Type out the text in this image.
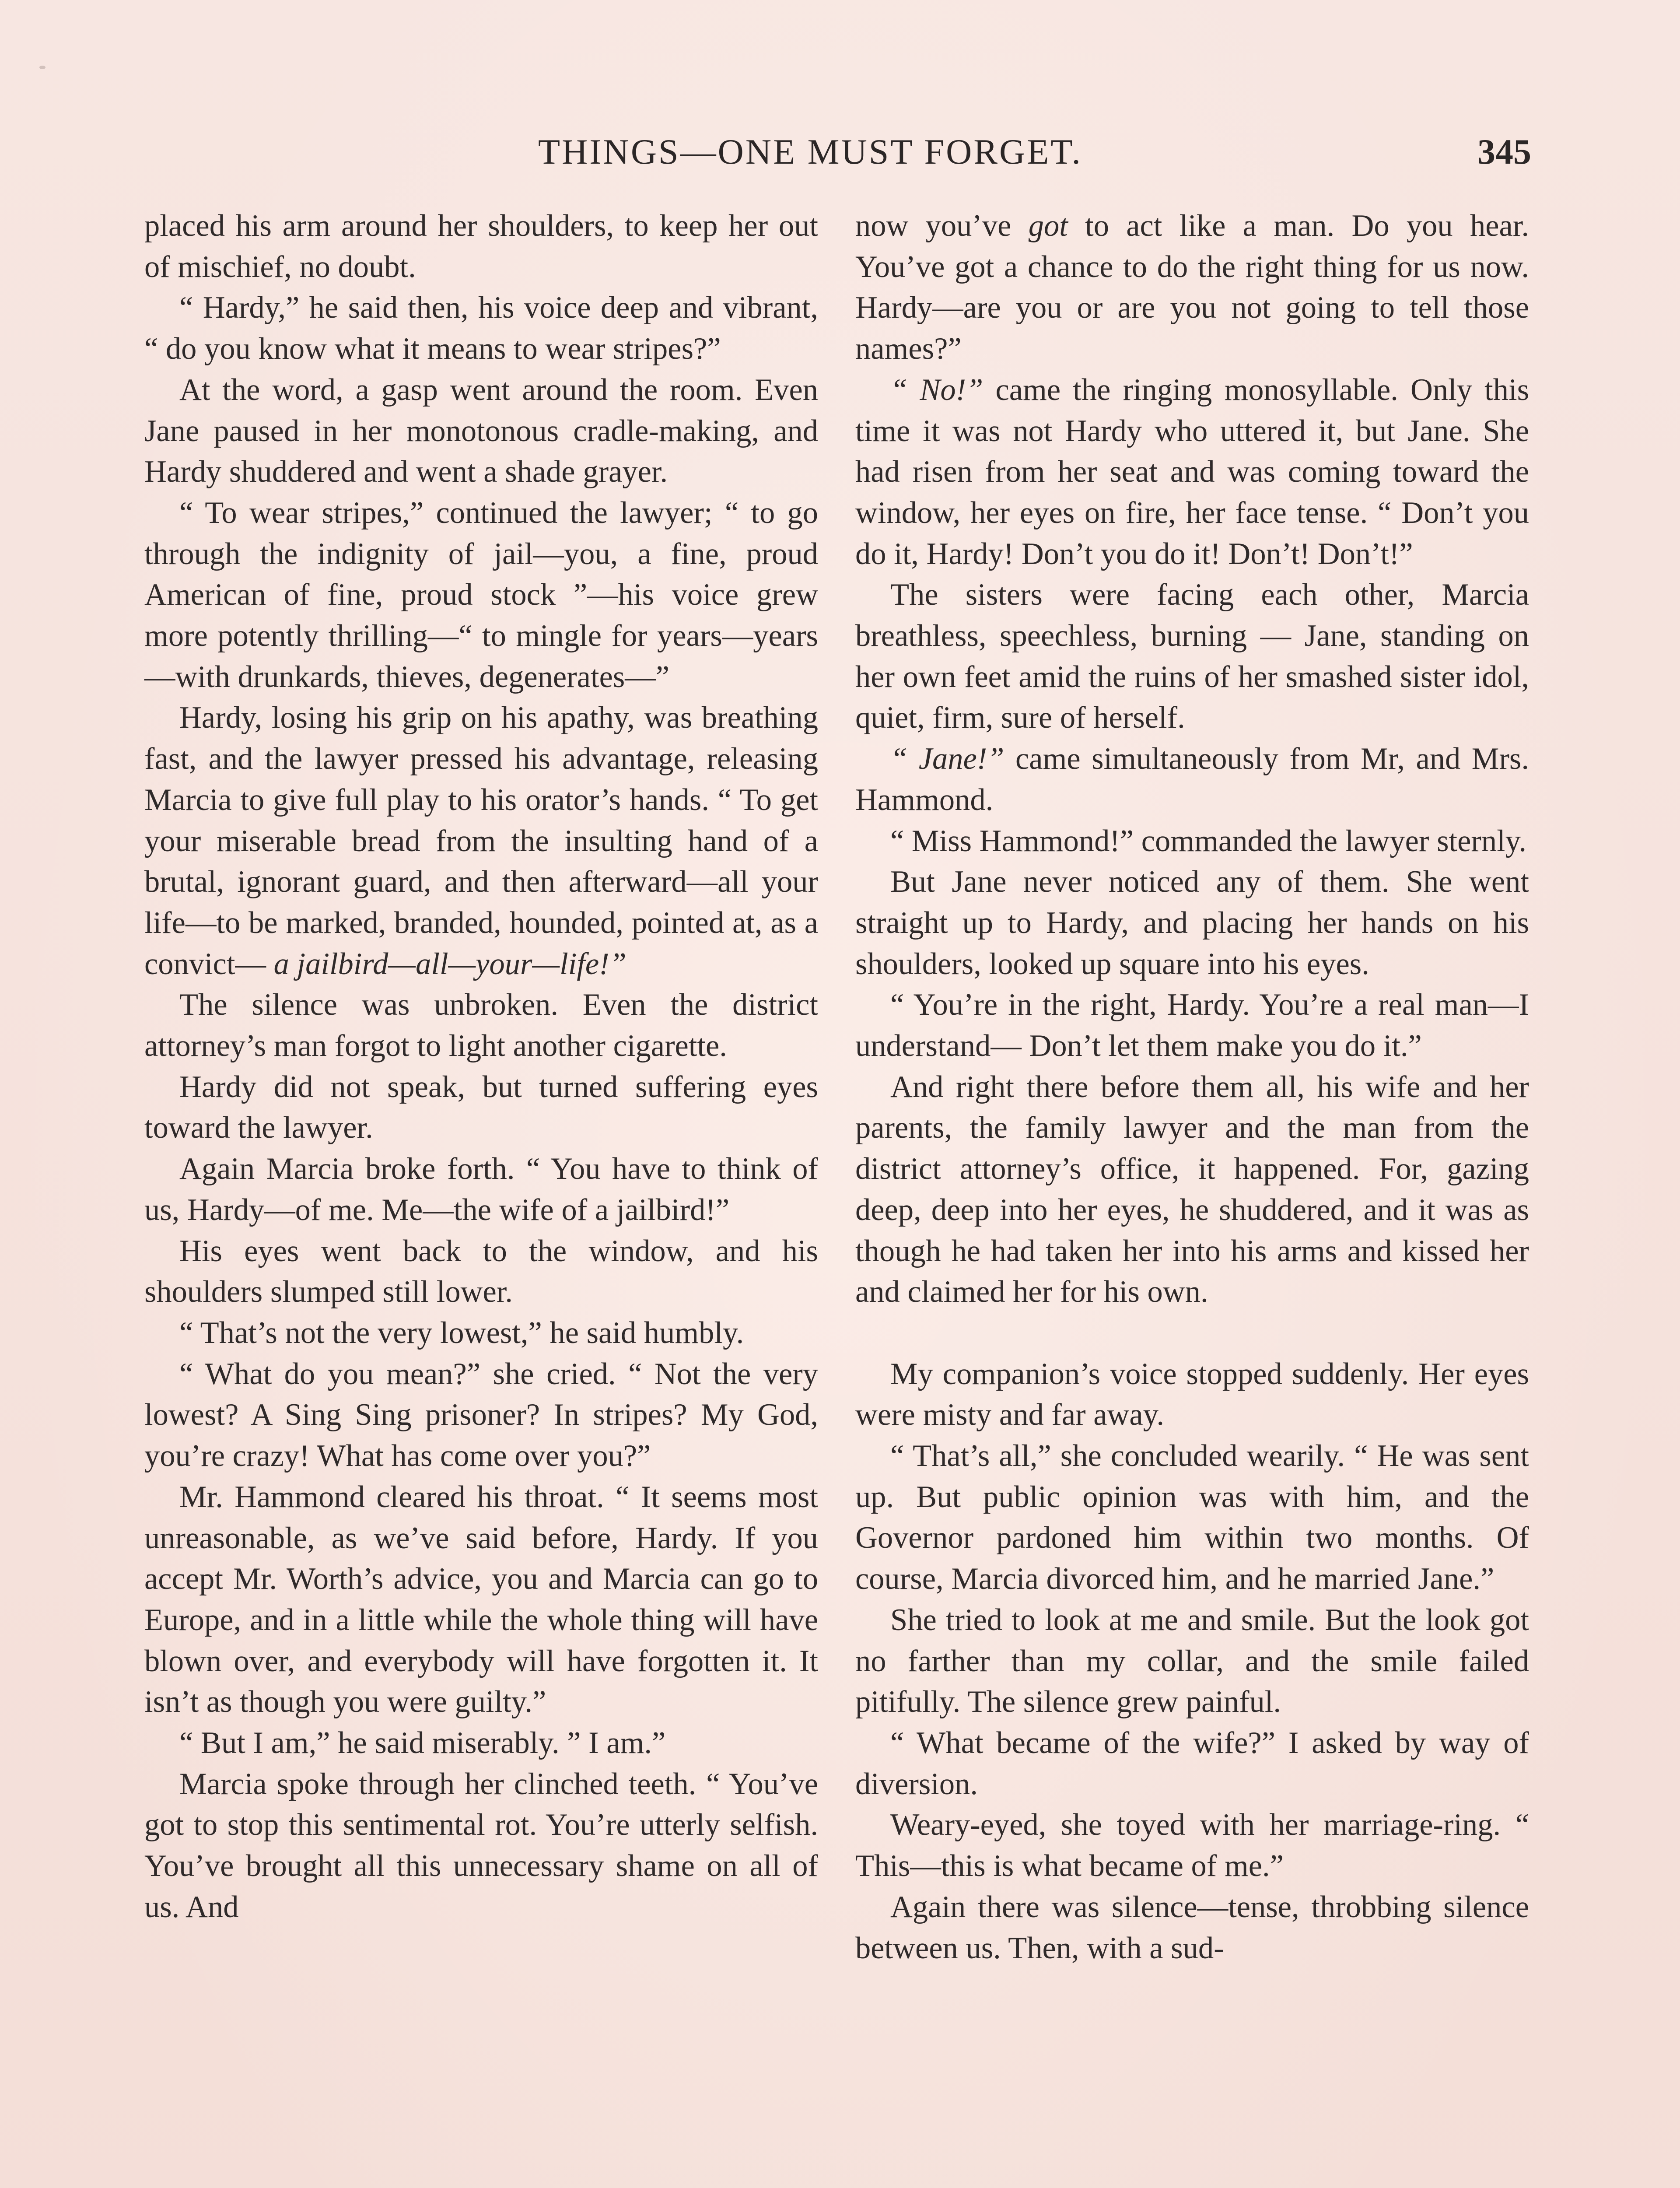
THINGS—ONE MUST FORGET.	345

placed his arm around her shoulders, to keep her out of mischief, no doubt.

“ Hardy,” he said then, his voice deep and vibrant, “ do you know what it means to wear stripes?”

At the word, a gasp went around the room. Even Jane paused in her monotonous cradle-making, and Hardy shuddered and went a shade grayer.

“ To wear stripes,” continued the lawyer; “ to go through the indignity of jail—you, a fine, proud American of fine, proud stock ”—his voice grew more potently thrilling—“ to mingle for years—years—with drunkards, thieves, degenerates—”

Hardy, losing his grip on his apathy, was breathing fast, and the lawyer pressed his advantage, releasing Marcia to give full play to his orator’s hands. “ To get your miserable bread from the insulting hand of a brutal, ignorant guard, and then afterward—all your life—to be marked, branded, hounded, pointed at, as a convict— a jailbird—all—your—life!”

The silence was unbroken. Even the district attorney’s man forgot to light another cigarette.

Hardy did not speak, but turned suffering eyes toward the lawyer.

Again Marcia broke forth. “ You have to think of us, Hardy—of me. Me—the wife of a jailbird!”

His eyes went back to the window, and his shoulders slumped still lower.

“ That’s not the very lowest,” he said humbly.

“ What do you mean?” she cried. “ Not the very lowest? A Sing Sing prisoner? In stripes? My God, you’re crazy! What has come over you?”

Mr. Hammond cleared his throat. “ It seems most unreasonable, as we’ve said before, Hardy. If you accept Mr. Worth’s advice, you and Marcia can go to Europe, and in a little while the whole thing will have blown over, and everybody will have forgotten it. It isn’t as though you were guilty.”

“ But I am,” he said miserably. ” I am.”

Marcia spoke through her clinched teeth. “ You’ve got to stop this sentimental rot. You’re utterly selfish. You’ve brought all this unnecessary shame on all of us. And

now you’ve got to act like a man. Do you hear. You’ve got a chance to do the right thing for us now. Hardy—are you or are you not going to tell those names?”

“ No!” came the ringing monosyllable. Only this time it was not Hardy who uttered it, but Jane. She had risen from her seat and was coming toward the window, her eyes on fire, her face tense. “ Don’t you do it, Hardy! Don’t you do it! Don’t! Don’t!”

The sisters were facing each other, Marcia breathless, speechless, burning — Jane, standing on her own feet amid the ruins of her smashed sister idol, quiet, firm, sure of herself.

“ Jane!” came simultaneously from Mr, and Mrs. Hammond.

“ Miss Hammond!” commanded the lawyer sternly.

But Jane never noticed any of them. She went straight up to Hardy, and placing her hands on his shoulders, looked up square into his eyes.

“ You’re in the right, Hardy. You’re a real man—I understand— Don’t let them make you do it.”

And right there before them all, his wife and her parents, the family lawyer and the man from the district attorney’s office, it happened. For, gazing deep, deep into her eyes, he shuddered, and it was as though he had taken her into his arms and kissed her and claimed her for his own.

My companion’s voice stopped suddenly. Her eyes were misty and far away.

“ That’s all,” she concluded wearily. “ He was sent up. But public opinion was with him, and the Governor pardoned him within two months. Of course, Marcia divorced him, and he married Jane.”

She tried to look at me and smile. But the look got no farther than my collar, and the smile failed pitifully. The silence grew painful.

“ What became of the wife?” I asked by way of diversion.

Weary-eyed, she toyed with her marriage-ring. “ This—this is what became of me.”

Again there was silence—tense, throbbing silence between us. Then, with a sud-
